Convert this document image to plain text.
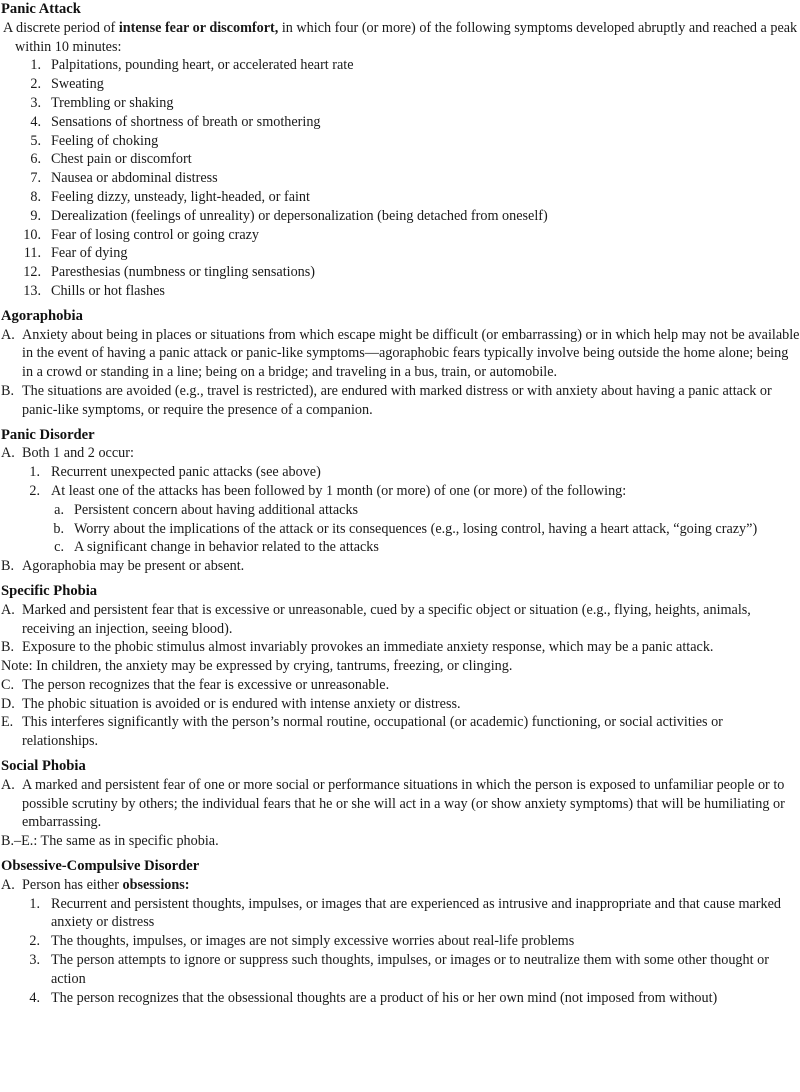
Panic Attack

A discrete period of intense fear or discomfort, in which four (or more) of the following symptoms developed abruptly and reached a peak within 10 minutes:

1. Palpitations, pounding heart, or accelerated heart rate
2. Sweating
3. Trembling or shaking
4. Sensations of shortness of breath or smothering
5. Feeling of choking
6. Chest pain or discomfort
7. Nausea or abdominal distress
8. Feeling dizzy, unsteady, light-headed, or faint
9. Derealization (feelings of unreality) or depersonalization (being detached from oneself)
10. Fear of losing control or going crazy
11. Fear of dying
12. Paresthesias (numbness or tingling sensations)
13. Chills or hot flashes
Agoraphobia
A. Anxiety about being in places or situations from which escape might be difficult (or embarrassing) or in which help may not be available in the event of having a panic attack or panic-like symptoms—agoraphobic fears typically involve being outside the home alone; being in a crowd or standing in a line; being on a bridge; and traveling in a bus, train, or automobile.
B. The situations are avoided (e.g., travel is restricted), are endured with marked distress or with anxiety about having a panic attack or panic-like symptoms, or require the presence of a companion.
Panic Disorder
A. Both 1 and 2 occur:
1. Recurrent unexpected panic attacks (see above)
2. At least one of the attacks has been followed by 1 month (or more) of one (or more) of the following:
a. Persistent concern about having additional attacks
b. Worry about the implications of the attack or its consequences (e.g., losing control, having a heart attack, “going crazy”)
c. A significant change in behavior related to the attacks
B. Agoraphobia may be present or absent.
Specific Phobia
A. Marked and persistent fear that is excessive or unreasonable, cued by a specific object or situation (e.g., flying, heights, animals, receiving an injection, seeing blood).
B. Exposure to the phobic stimulus almost invariably provokes an immediate anxiety response, which may be a panic attack.

Note: In children, the anxiety may be expressed by crying, tantrums, freezing, or clinging.

C. The person recognizes that the fear is excessive or unreasonable.
D. The phobic situation is avoided or is endured with intense anxiety or distress.
E. This interferes significantly with the person’s normal routine, occupational (or academic) functioning, or social activities or relationships.
Social Phobia
A. A marked and persistent fear of one or more social or performance situations in which the person is exposed to unfamiliar people or to possible scrutiny by others; the individual fears that he or she will act in a way (or show anxiety symptoms) that will be humiliating or embarrassing.

B.–E.: The same as in specific phobia.

Obsessive-Compulsive Disorder
A. Person has either obsessions:
1. Recurrent and persistent thoughts, impulses, or images that are experienced as intrusive and inappropriate and that cause marked anxiety or distress
2. The thoughts, impulses, or images are not simply excessive worries about real-life problems
3. The person attempts to ignore or suppress such thoughts, impulses, or images or to neutralize them with some other thought or action
4. The person recognizes that the obsessional thoughts are a product of his or her own mind (not imposed from without)
